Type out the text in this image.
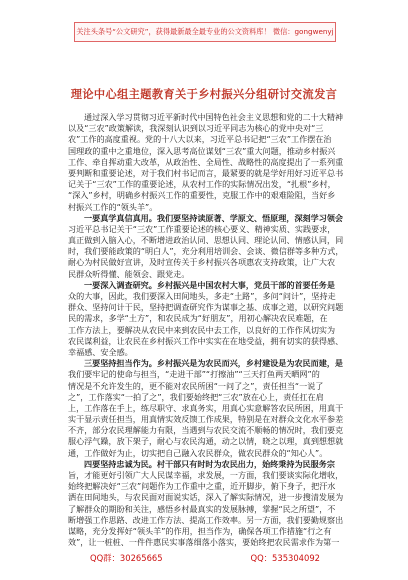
关注头条号“公文研究”，获得最新最全最专业的公文资料库！ 微信：gongwenyj
理论中心组主题教育关于乡村振兴分组研讨交流发言
通过深入学习贯彻习近平新时代中国特色社会主义思想和党的二十大精神
以及“三农”政策解读，我深刻认识到以习近平同志为核心的党中央对“三
农”工作的高度重视。党的十八大以来，习近平总书记把“三农”工作摆在治
国理政的重中之重地位，深入思考高位谋划“三农”重大问题，推动乡村振兴
工作、牵自挥动重大改革，从政治性、全局性、战略性的高度提出了一系列重
要判断和重要论述，对于我们村书记而言，最紧要的就是学好用好习近平总书
记关于“三农”工作的重要论述，从农村工作的实际情况出发，“扎根”乡村，
“深入”乡村，明确乡村振兴工作的重要性，克服工作中的艰难险阻，当好乡
村振兴工作的“领头羊”。
一要真学真信真用。我们要坚持读原著、学原文、悟原理，深刻学习领会
习近平总书记关于“三农”工作重要论述的核心要义、精神实质、实践要求，
真正做到入脑入心，不断增进政治认同、思想认同、理论认同、情感认同，同
时，我们要能政策的“明白人”，充分利用培训会、会谈、微信群等多种方式，
耐心为村民做好宣讲，及时宣传关于乡村振兴各项惠农支持政策，让广大农
民群众听得懂、能领会、跟党走。
一要深入调查研究。乡村振兴是中国农村大事，党员干部的首要任务是
众的大事，因此，我们要深入田间地头，多走“土路”，多问“问计”，坚持走
群众、坚持问计于民，坚持把调查研究作为谋事之基、成事之道，以研究问题
民的需求，多学“土方”，和农民成为“好朋友”，用初心解决农民难题，在
工作方法上，要解决从农民中来到农民中去工作，以良好的工作作风切实为
农民谋利益，让农民在乡村振兴工作中实实在在地受益，拥有切实的获得感、
幸福感、安全感。
三要坚持担当作为。乡村振兴是为农民而兴，乡村建设是为农民而建，是
我们要牢记的使命与担当，“走进干部”“打擦油”“三天打鱼两天晒网”的
情况是不允许发生的，更不能对农民所困“一问了之”，责任担当“一说了
之”，工作落实“一拍了之”，我们要始终把“三农”放在心上，责任扛在肩
上，工作落在手上，练尽职守、求真务实，用真心实意解答农民所困，用真干
实干显示责任担当，用真情实效反馈工作成果，特别是在对群众文化水平参差
不齐，部分农民理解能力有限，当遇到与农民交流不顺畅的情况时，我们要克
服心浮气躁，放下架子，耐心与农民沟通，动之以情，晓之以理，真到想想就
通，工作做好为止，切实把自己融入农民群众，做农民群众的“知心人”。
四要坚持忠诚为民。村干部只有时时为农民出力，始终秉持为民服务宗
旨，才能更好引领广大人民谋幸福，求发展，一方面，我们要谈实际化增收，
始终把解决好“三农”问题作为工作重中之重，近开脚步，俯下身子，把汗水
洒在田间地头，与农民面对面说实话，深入了解实际情况，进一步搜清发展为
了解群众的期盼和关注，感悟乡村最真实的发展脉搏，掌握“民之所望”，不
断增强工作思路、改进工作方法、提高工作效率。另一方面，我们要勤规察出
谋略，充分发挥好“领头羊”的作用，担当作为，确保各项工作措施“行之有
效”，让一桩桩、一件件惠民实事落细落小落实，要始终把农民需求作为第一
QQ群：30265665	QQ：535304092
